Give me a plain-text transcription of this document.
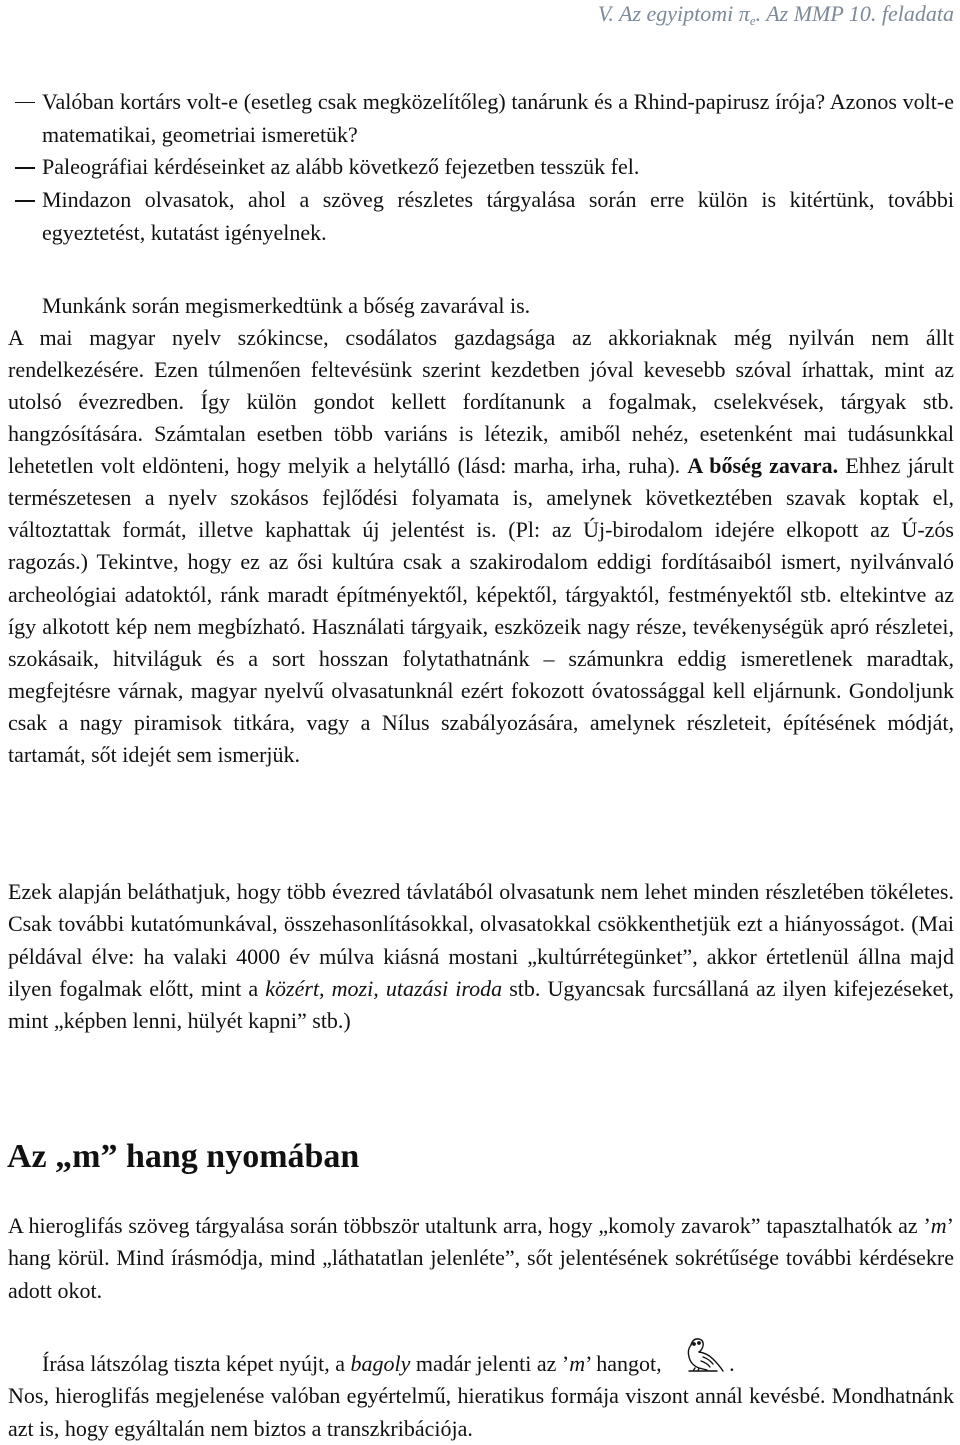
V. Az egyiptomi $\pi_e$. Az MMP 10. feladata
Valóban kortárs volt-e (esetleg csak megközelítőleg) tanárunk és a Rhind-papirusz írója? Azonos volt-e matematikai, geometriai ismeretük?
Paleográfiai kérdéseinket az alább következő fejezetben tesszük fel.
Mindazon olvasatok, ahol a szöveg részletes tárgyalása során erre külön is kitértünk, további egyeztetést, kutatást igényelnek.
Munkánk során megismerkedtünk a bőség zavarával is.

A mai magyar nyelv szókincse, csodálatos gazdagsága az akkoriaknak még nyilván nem állt rendelkezésére. Ezen túlmenően feltevésünk szerint kezdetben jóval kevesebb szóval írhattak, mint az utolsó évezredben. Így külön gondot kellett fordítanunk a fogalmak, cselekvések, tárgyak stb. hangzósítására. Számtalan esetben több variáns is létezik, amiből nehéz, esetenként mai tudásunkkal lehetetlen volt eldönteni, hogy melyik a helytálló (lásd: marha, irha, ruha). A bőség zavara. Ehhez járult természetesen a nyelv szokásos fejlődési folyamata is, amelynek következtében szavak koptak el, változtattak formát, illetve kaphattak új jelentést is. (Pl: az Új-birodalom idejére elkopott az Ú-zós ragozás.) Tekintve, hogy ez az ősi kultúra csak a szakirodalom eddigi fordításaiból ismert, nyilvánvaló archeológiai adatoktól, ránk maradt építményektől, képektől, tárgyaktól, festményektől stb. eltekintve az így alkotott kép nem megbízható. Használati tárgyaik, eszközeik nagy része, tevékenységük apró részletei, szokásaik, hitviláguk és a sort hosszan folytathatnánk – számunkra eddig ismeretlenek maradtak, megfejtésre várnak, magyar nyelvű olvasatunknál ezért fokozott óvatossággal kell eljárnunk. Gondoljunk csak a nagy piramisok titkára, vagy a Nílus szabályozására, amelynek részleteit, építésének módját, tartamát, sőt idejét sem ismerjük.

Ezek alapján beláthatjuk, hogy több évezred távlatából olvasatunk nem lehet minden részletében tökéletes. Csak további kutatómunkával, összehasonlításokkal, olvasatokkal csökkenthetjük ezt a hiányosságot. (Mai példával élve: ha valaki 4000 év múlva kiásná mostani „kultúrrétegünket”, akkor értetlenül állna majd ilyen fogalmak előtt, mint a közért, mozi, utazási iroda stb. Ugyancsak furcsállaná az ilyen kifejezéseket, mint „képben lenni, hülyét kapni” stb.)

Az „m” hang nyomában

A hieroglifás szöveg tárgyalása során többször utaltunk arra, hogy „komoly zavarok” tapasztalhatók az ’m’ hang körül. Mind írásmódja, mind „láthatatlan jelenléte”, sőt jelentésének sokrétűsége további kérdésekre adott okot.

Írása látszólag tiszta képet nyújt, a bagoly madár jelenti az ’m’ hangot,	.
Nos, hieroglifás megjelenése valóban egyértelmű, hieratikus formája viszont annál kevésbé. Mondhatnánk azt is, hogy egyáltalán nem biztos a transzkribációja.
